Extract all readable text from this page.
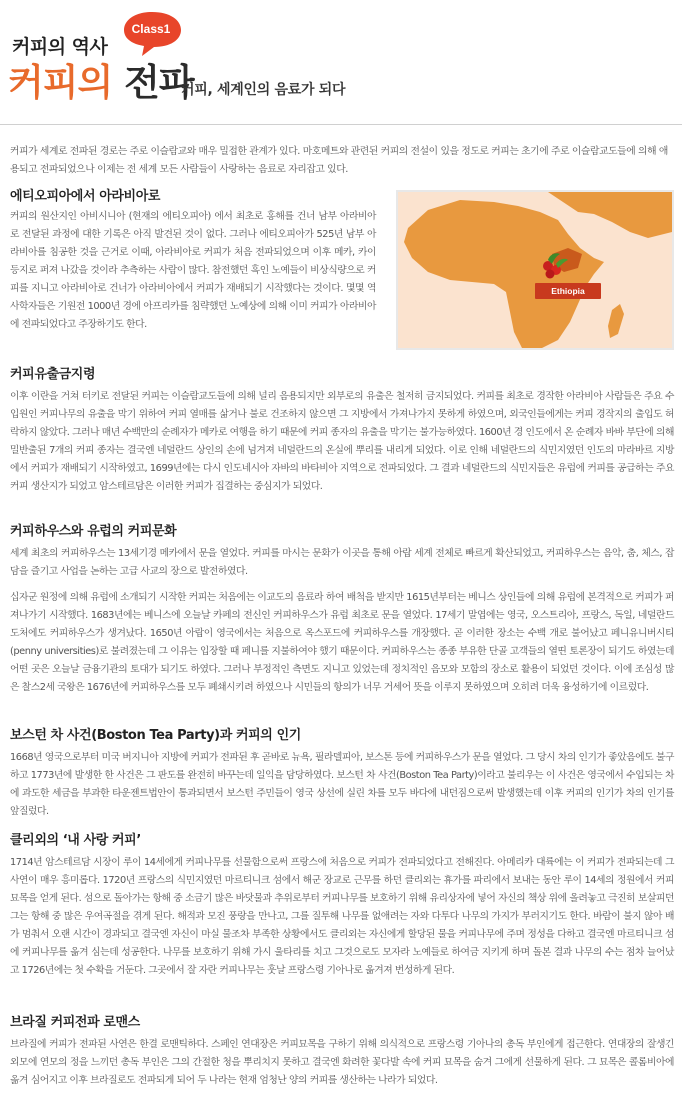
커피의 역사
Class1
커피의 전파
커피, 세계인의 음료가 되다
커피가 세계로 전파된 경로는 주로 이슬람교와 매우 밀접한 관계가 있다. 마호메트와 관련된 커피의 전설이 있을 정도로 커피는 초기에 주로 이슬람교도들에 의해 애용되고 전파되었으나 이제는 전 세계 모든 사람들이 사랑하는 음료로 자리잡고 있다.
Ethiopia
에티오피아에서 아라비아로

커피의 원산지인 아비시니아 (현재의 에티오피아) 에서 최초로 홍해를 건너 남부 아라비아로 전달된 과정에 대한 기록은 아직 발견된 것이 없다. 그러나 에티오피아가 525년 남부 아라비아를 침공한 것을 근거로 이때, 아라비아로 커피가 처음 전파되었으며 이후 메카, 카이 등지로 퍼져 나갔을 것이라 추측하는 사람이 많다. 참전했던 흑인 노예들이 비상식량으로 커피를 지니고 아라비아로 건너가 아라비아에서 커피가 재배되기 시작했다는 것이다. 몇몇 역사학자들은 기원전 1000년 경에 아프리카를 침략했던 노예상에 의해 이미 커피가 아라비아에 전파되었다고 주장하기도 한다.

커피유출금지령

이후 이란을 거쳐 터키로 전달된 커피는 이슬람교도들에 의해 널리 음용되지만 외부로의 유출은 철저히 금지되었다. 커피를 최초로 경작한 아라비아 사람들은 주요 수입원인 커피나무의 유출을 막기 위하여 커피 열매를 삶거나 불로 건조하지 않으면 그 지방에서 가져나가지 못하게 하였으며, 외국인들에게는 커피 경작지의 출입도 허락하지 않았다. 그러나 매년 수백만의 순례자가 메카로 여행을 하기 때문에 커피 종자의 유출을 막기는 불가능하였다. 1600년 경 인도에서 온 순례자 바바 부단에 의해 밀반출된 7개의 커피 종자는 결국엔 네덜란드 상인의 손에 넘겨져 네덜란드의 온실에 뿌리를 내리게 되었다. 이로 인해 네덜란드의 식민지였던 인도의 마라바르 지방에서 커피가 재배되기 시작하였고, 1699년에는 다시 인도네시아 자바의 바타비아 지역으로 전파되었다. 그 결과 네덜란드의 식민지들은 유럽에 커피를 공급하는 주요 커피 생산지가 되었고 암스테르담은 이러한 커피가 집결하는 중심지가 되었다.

커피하우스와 유럽의 커피문화

세계 최초의 커피하우스는 13세기경 메카에서 문을 열었다. 커피를 마시는 문화가 이곳을 통해 아랍 세계 전체로 빠르게 확산되었고, 커피하우스는 음악, 춤, 체스, 잡담을 즐기고 사업을 논하는 고급 사교의 장으로 발전하였다.

십자군 원정에 의해 유럽에 소개되기 시작한 커피는 처음에는 이교도의 음료라 하여 배척을 받지만 1615년부터는 베니스 상인들에 의해 유럽에 본격적으로 커피가 퍼져나가기 시작했다. 1683년에는 베니스에 오늘날 카페의 전신인 커피하우스가 유럽 최초로 문을 열었다. 17세기 말엽에는 영국, 오스트리아, 프랑스, 독일, 네덜란드 도처에도 커피하우스가 생겨났다. 1650년 아랍이 영국에서는 처음으로 옥스포드에 커피하우스를 개장했다. 곧 이러한 장소는 수백 개로 불어났고 페니유니버시티(penny universities)로 불려졌는데 그 이유는 입장할 때 페니를 지불하여야 했기 때문이다. 커피하우스는 종종 부유한 단골 고객들의 열띤 토론장이 되기도 하였는데 어떤 곳은 오늘날 금융기관의 토대가 되기도 하였다. 그러나 부정적인 측면도 지니고 있었는데 정치적인 음모와 모함의 장소로 활용이 되었던 것이다. 이에 조심성 많은 찰스2세 국왕은 1676년에 커피하우스를 모두 폐쇄시키려 하였으나 시민들의 항의가 너무 거세어 뜻을 이루지 못하였으며 오히려 더욱 융성하기에 이르렀다.

보스턴 차 사건(Boston Tea Party)과 커피의 인기

1668년 영국으로부터 미국 버지니아 지방에 커피가 전파된 후 곧바로 뉴욕, 필라델피아, 보스톤 등에 커피하우스가 문을 열었다. 그 당시 차의 인기가 좋았음에도 불구하고 1773년에 발생한 한 사건은 그 판도를 완전히 바꾸는데 일익을 담당하였다. 보스턴 차 사건(Boston Tea Party)이라고 불리우는 이 사건은 영국에서 수입되는 차에 과도한 세금을 부과한 타운젠트법안이 통과되면서 보스턴 주민들이 영국 상선에 실린 차를 모두 바다에 내던짐으로써 발생했는데 이후 커피의 인기가 차의 인기를 앞질렀다.

클리외의 ‘내 사랑 커피’

1714년 암스테르담 시장이 루이 14세에게 커피나무를 선물함으로써 프랑스에 처음으로 커피가 전파되었다고 전해진다. 아메리카 대륙에는 이 커피가 전파되는데 그 사연이 매우 흥미롭다. 1720년 프랑스의 식민지였던 마르티니크 섬에서 해군 장교로 근무를 하던 클리외는 휴가를 파리에서 보내는 동안 루이 14세의 정원에서 커피묘목을 얻게 된다. 섬으로 돌아가는 항해 중 소금기 많은 바닷물과 추위로부터 커피나무를 보호하기 위해 유리상자에 넣어 자신의 책상 위에 올려놓고 극진히 보살피던 그는 항해 중 많은 우여곡절을 겪게 된다. 해적과 모진 풍랑을 만나고, 그를 질투해 나무를 없애려는 자와 다투다 나무의 가지가 부러지기도 한다. 바람이 불지 않아 배가 멈춰서 오랜 시간이 경과되고 결국엔 자신이 마실 물조차 부족한 상황에서도 클리외는 자신에게 할당된 물을 커피나무에 주며 정성을 다하고 결국엔 마르티니크 섬에 커피나무를 옮겨 심는데 성공한다. 나무를 보호하기 위해 가시 울타리를 치고 그것으로도 모자라 노예들로 하여금 지키게 하며 돌본 결과 나무의 수는 점차 늘어났고 1726년에는 첫 수확을 거둔다. 그곳에서 잘 자란 커피나무는 훗날 프랑스령 기아나로 옮겨져 번성하게 된다.

브라질 커피전파 로맨스

브라질에 커피가 전파된 사연은 한결 로맨틱하다. 스페인 연대장은 커피묘목을 구하기 위해 의식적으로 프랑스령 기아나의 총독 부인에게 접근한다. 연대장의 잘생긴 외모에 연모의 정을 느끼던 총독 부인은 그의 간절한 청을 뿌리치지 못하고 결국엔 화려한 꽃다발 속에 커피 묘목을 숨겨 그에게 선물하게 된다. 그 묘목은 콜롬비아에 옮겨 심어지고 이후 브라질로도 전파되게 되어 두 나라는 현재 엄청난 양의 커피를 생산하는 나라가 되었다.
